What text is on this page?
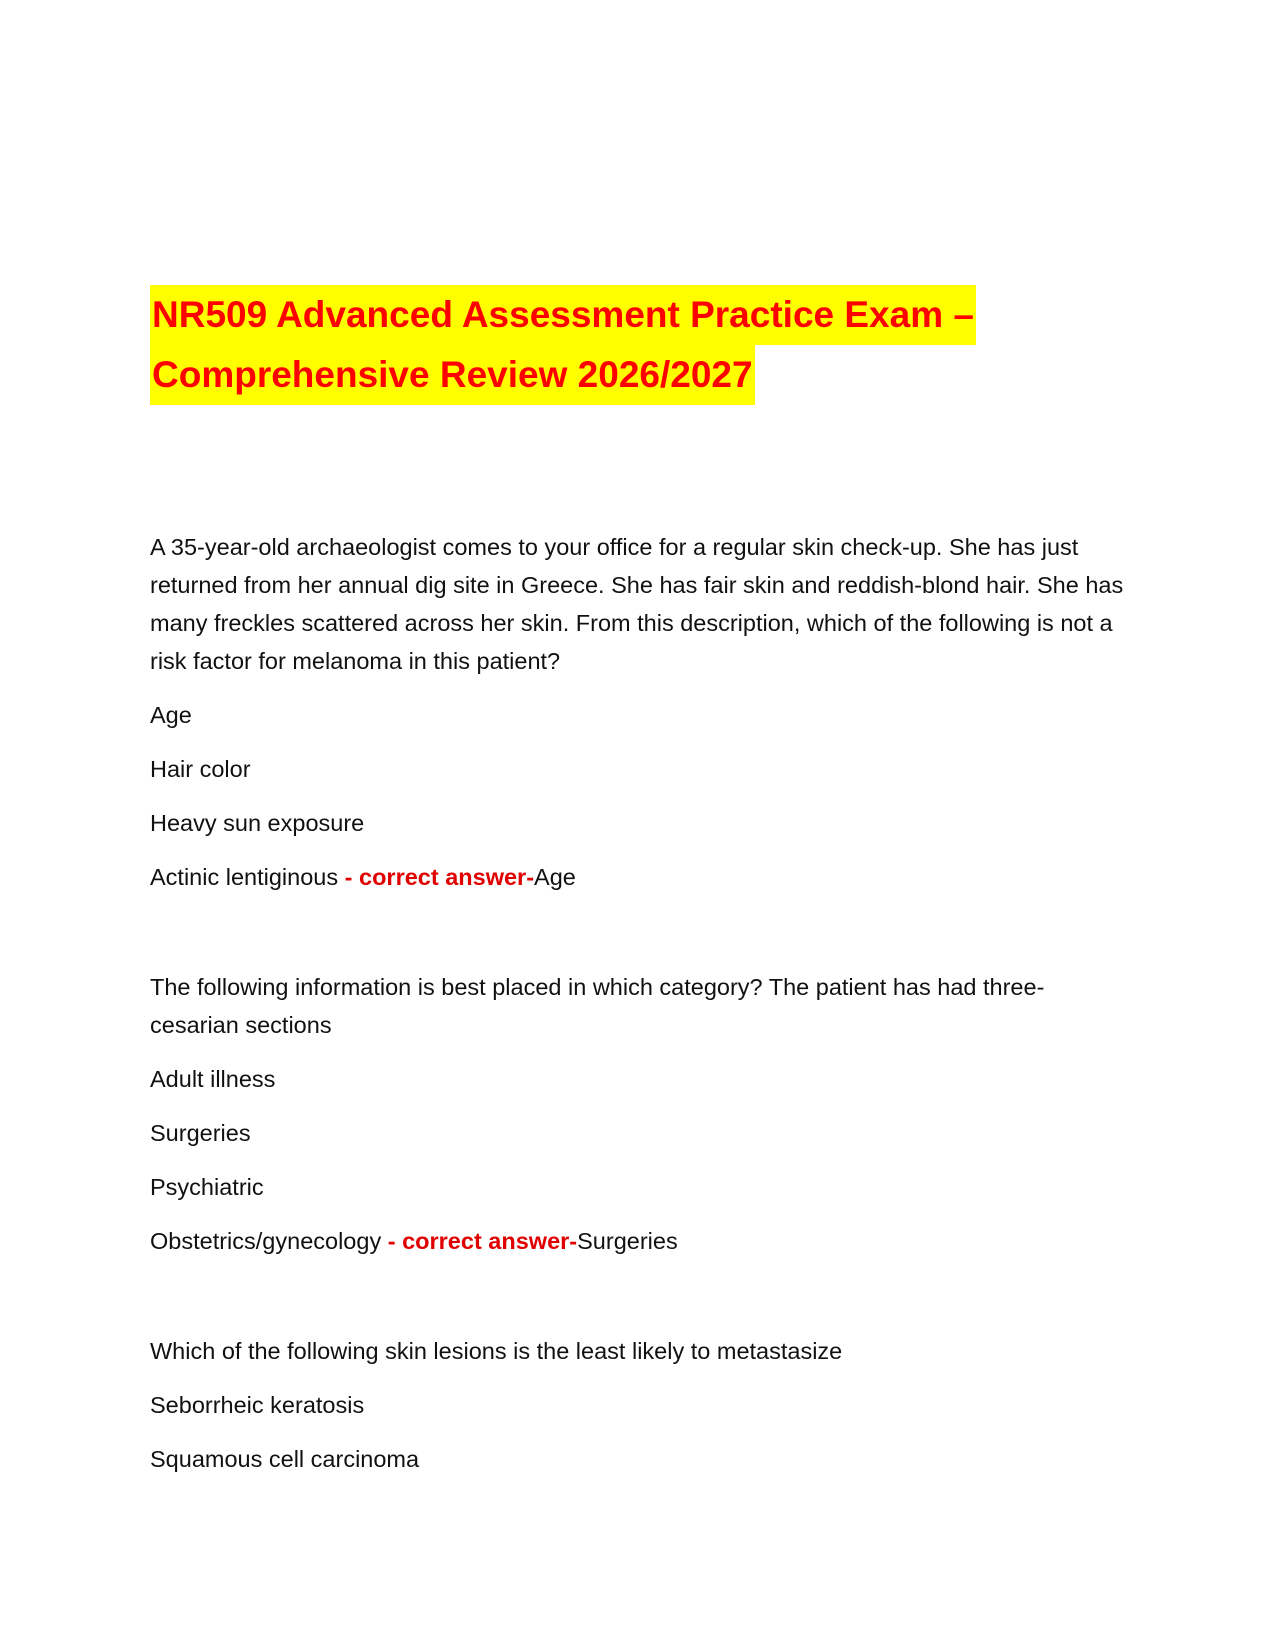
NR509 Advanced Assessment Practice Exam –
Comprehensive Review 2026/2027

A 35-year-old archaeologist comes to your office for a regular skin check-up. She has just returned from her annual dig site in Greece. She has fair skin and reddish-blond hair. She has many freckles scattered across her skin. From this description, which of the following is not a risk factor for melanoma in this patient?

Age

Hair color

Heavy sun exposure

Actinic lentiginous - correct answer-Age

The following information is best placed in which category? The patient has had three-cesarian sections

Adult illness

Surgeries

Psychiatric

Obstetrics/gynecology - correct answer-Surgeries

Which of the following skin lesions is the least likely to metastasize

Seborrheic keratosis

Squamous cell carcinoma
